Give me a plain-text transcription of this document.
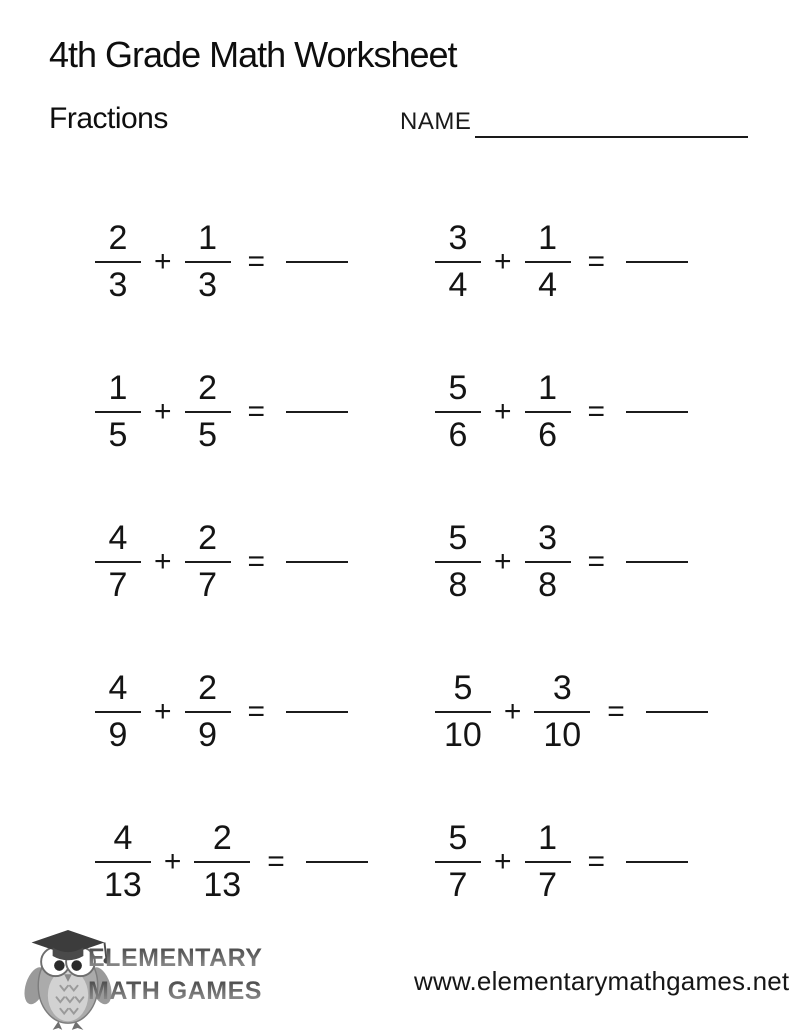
4th Grade Math Worksheet
Fractions	NAME
$\frac{2}{3} + \frac{1}{3}$ =	$\frac{3}{4} + \frac{1}{4}$ =
$\frac{1}{5} + \frac{2}{5}$ =	$\frac{5}{6} + \frac{1}{6}$ =
$\frac{4}{7} + \frac{2}{7}$ =	$\frac{5}{8} + \frac{3}{8}$ =
$\frac{4}{9} + \frac{2}{9}$ =	$\frac{5}{10} + \frac{3}{10}$ =
$\frac{4}{13} + \frac{2}{13}$ =	$\frac{5}{7} + \frac{1}{7}$ =
ELEMENTARY
MATH GAMES	www.elementarymathgames.net
